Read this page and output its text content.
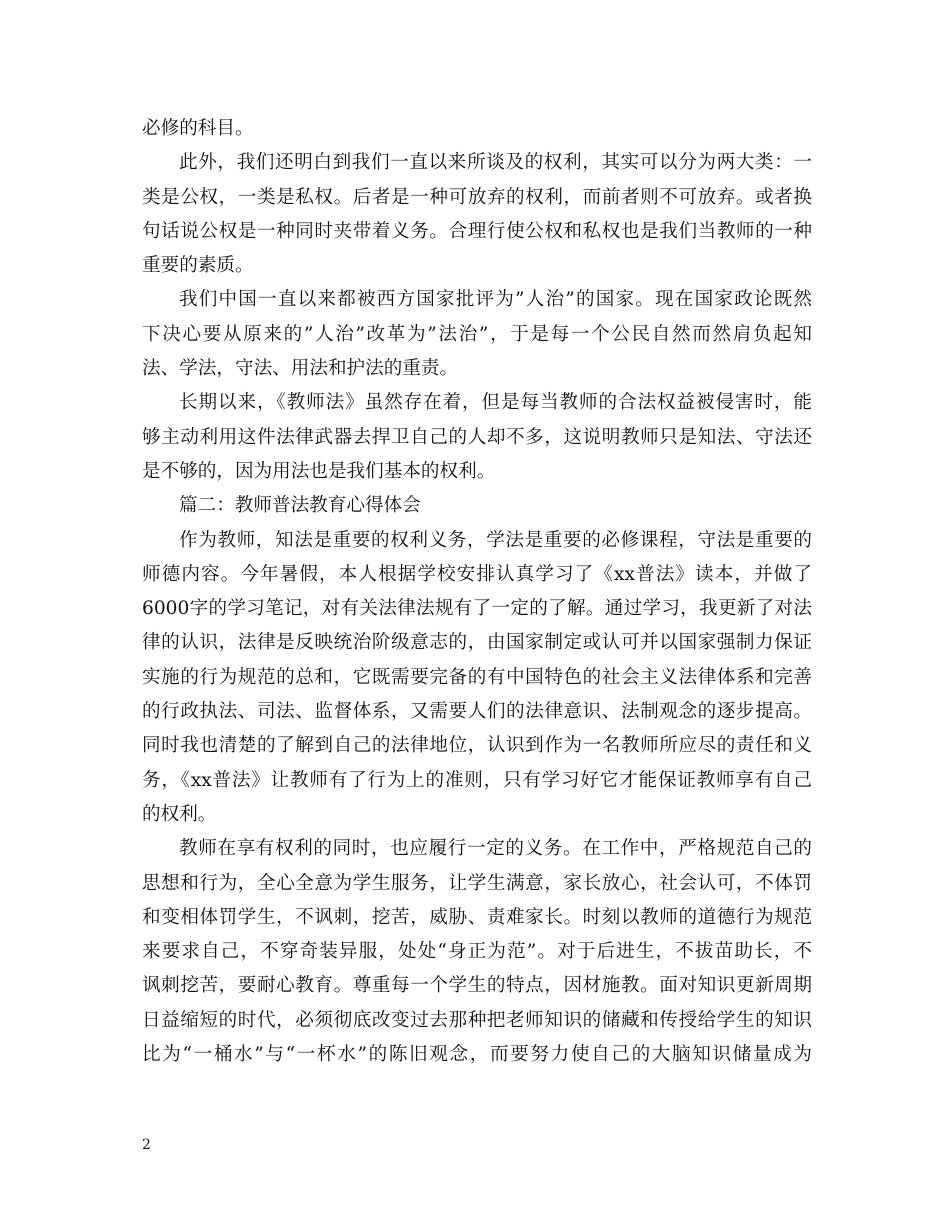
必修的科目。
此外，我们还明白到我们一直以来所谈及的权利，其实可以分为两大类：一
类是公权，一类是私权。后者是一种可放弃的权利，而前者则不可放弃。或者换
句话说公权是一种同时夹带着义务。合理行使公权和私权也是我们当教师的一种
重要的素质。
我们中国一直以来都被西方国家批评为”人治”的国家。现在国家政论既然
下决心要从原来的”人治”改革为”法治”，于是每一个公民自然而然肩负起知
法、学法，守法、用法和护法的重责。
长期以来，《教师法》虽然存在着，但是每当教师的合法权益被侵害时，能
够主动利用这件法律武器去捍卫自己的人却不多，这说明教师只是知法、守法还
是不够的，因为用法也是我们基本的权利。
篇二：教师普法教育心得体会
作为教师，知法是重要的权利义务，学法是重要的必修课程，守法是重要的
师德内容。今年暑假，本人根据学校安排认真学习了《xx普法》读本，并做了
6000字的学习笔记，对有关法律法规有了一定的了解。通过学习，我更新了对法
律的认识，法律是反映统治阶级意志的，由国家制定或认可并以国家强制力保证
实施的行为规范的总和，它既需要完备的有中国特色的社会主义法律体系和完善
的行政执法、司法、监督体系，又需要人们的法律意识、法制观念的逐步提高。
同时我也清楚的了解到自己的法律地位，认识到作为一名教师所应尽的责任和义
务，《xx普法》让教师有了行为上的准则，只有学习好它才能保证教师享有自己
的权利。
教师在享有权利的同时，也应履行一定的义务。在工作中，严格规范自己的
思想和行为，全心全意为学生服务，让学生满意，家长放心，社会认可，不体罚
和变相体罚学生，不讽刺，挖苦，威胁、责难家长。时刻以教师的道德行为规范
来要求自己，不穿奇装异服，处处“身正为范”。对于后进生，不拔苗助长，不
讽刺挖苦，要耐心教育。尊重每一个学生的特点，因材施教。面对知识更新周期
日益缩短的时代，必须彻底改变过去那种把老师知识的储藏和传授给学生的知识
比为“一桶水”与“一杯水”的陈旧观念，而要努力使自己的大脑知识储量成为
2
